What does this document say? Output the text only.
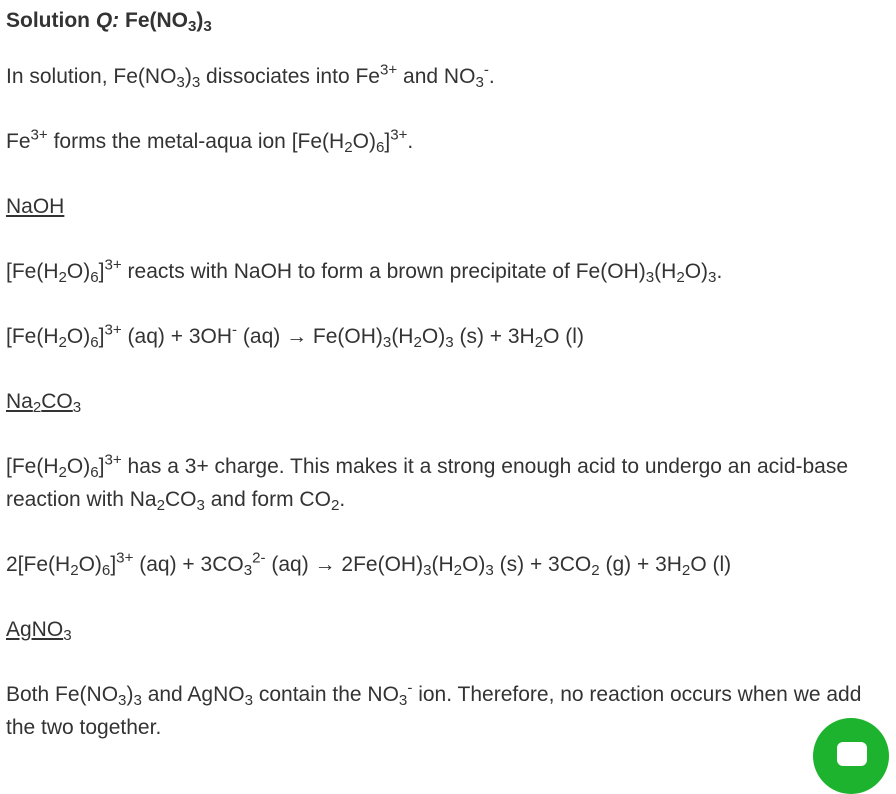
Solution Q: $Fe(NO_3)_3$

In solution, $Fe(NO_3)_3$ dissociates into $Fe^{3+}$ and $NO_3^-$.

$Fe^{3+}$ forms the metal-aqua ion $[Fe(H_2O)_6]^{3+}$.

NaOH

$[Fe(H_2O)_6]^{3+}$ reacts with NaOH to form a brown precipitate of $Fe(OH)_3(H_2O)_3$.

$[Fe(H_2O)_6]^{3+}$ (aq) + 3OH- $(aq) \to Fe(OH)_3(H_2O)_3$ $(s) + 3H_2O$ (l)

$Na_2CO_3$

$[Fe(H_2O)_6]^{3+}$ has a 3+ charge. This makes it a strong enough acid to undergo an acid-base reaction with $Na_2CO_3$ and form $CO_2$.

$2[Fe(H_2O)_6]^{3+}$ $(aq) + 3CO_3^{2-}$ $(aq) \to 2Fe(OH)_3(H_2O)_3$ $(s) + 3CO_2$ $(g) + 3H_2O$ (l)

AgNO$_3$

Both $Fe(NO_3)_3$ and AgNO$_3$ contain the $NO_3^-$ ion. Therefore, no reaction occurs when we add the two together.
